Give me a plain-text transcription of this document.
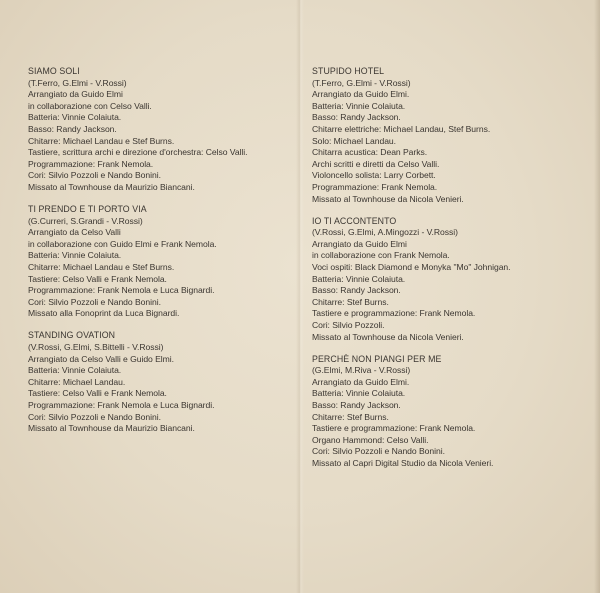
SIAMO SOLI
(T.Ferro, G.Elmi - V.Rossi)
Arrangiato da Guido Elmi
in collaborazione con Celso Valli.
Batteria: Vinnie Colaiuta.
Basso: Randy Jackson.
Chitarre: Michael Landau e Stef Burns.
Tastiere, scrittura archi e direzione d'orchestra: Celso Valli.
Programmazione: Frank Nemola.
Cori: Silvio Pozzoli e Nando Bonini.
Missato al Townhouse da Maurizio Biancani.
TI PRENDO E TI PORTO VIA
(G.Curreri, S.Grandi - V.Rossi)
Arrangiato da Celso Valli
in collaborazione con Guido Elmi e Frank Nemola.
Batteria: Vinnie Colaiuta.
Chitarre: Michael Landau e Stef Burns.
Tastiere: Celso Valli e Frank Nemola.
Programmazione: Frank Nemola e Luca Bignardi.
Cori: Silvio Pozzoli e Nando Bonini.
Missato alla Fonoprint da Luca Bignardi.
STANDING OVATION
(V.Rossi, G.Elmi, S.Bittelli - V.Rossi)
Arrangiato da Celso Valli e Guido Elmi.
Batteria: Vinnie Colaiuta.
Chitarre: Michael Landau.
Tastiere: Celso Valli e Frank Nemola.
Programmazione: Frank Nemola e Luca Bignardi.
Cori: Silvio Pozzoli e Nando Bonini.
Missato al Townhouse da Maurizio Biancani.
STUPIDO HOTEL
(T.Ferro, G.Elmi - V.Rossi)
Arrangiato da Guido Elmi.
Batteria: Vinnie Colaiuta.
Basso: Randy Jackson.
Chitarre elettriche: Michael Landau, Stef Burns.
Solo: Michael Landau.
Chitarra acustica: Dean Parks.
Archi scritti e diretti da Celso Valli.
Violoncello solista: Larry Corbett.
Programmazione: Frank Nemola.
Missato al Townhouse da Nicola Venieri.
IO TI ACCONTENTO
(V.Rossi, G.Elmi, A.Mingozzi - V.Rossi)
Arrangiato da Guido Elmi
in collaborazione con Frank Nemola.
Voci ospiti: Black Diamond e Monyka "Mo" Johnigan.
Batteria: Vinnie Colaiuta.
Basso: Randy Jackson.
Chitarre: Stef Burns.
Tastiere e programmazione: Frank Nemola.
Cori: Silvio Pozzoli.
Missato al Townhouse da Nicola Venieri.
PERCHÈ NON PIANGI PER ME
(G.Elmi, M.Riva - V.Rossi)
Arrangiato da Guido Elmi.
Batteria: Vinnie Colaiuta.
Basso: Randy Jackson.
Chitarre: Stef Burns.
Tastiere e programmazione: Frank Nemola.
Organo Hammond: Celso Valli.
Cori: Silvio Pozzoli e Nando Bonini.
Missato al Capri Digital Studio da Nicola Venieri.
